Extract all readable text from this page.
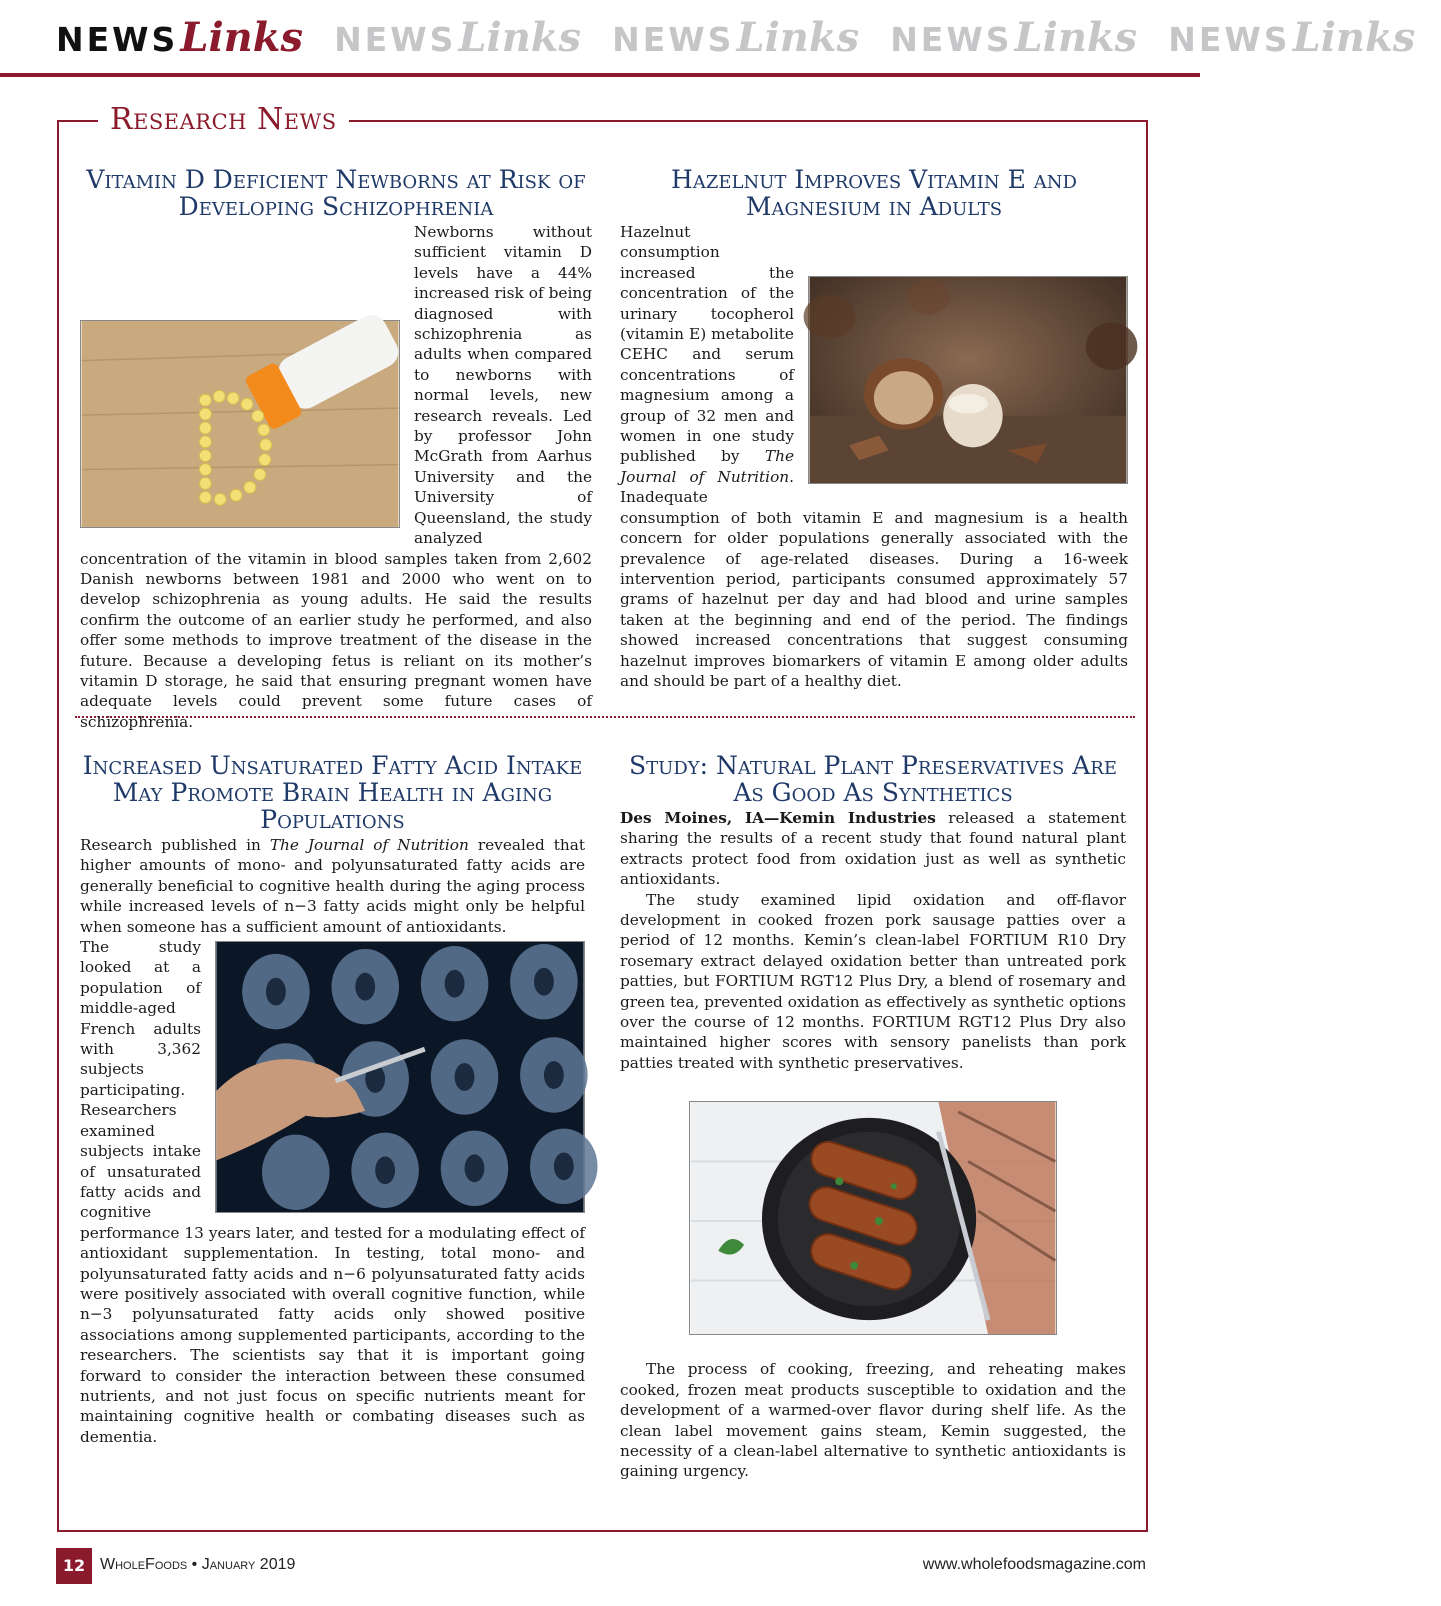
NEWSLinks NEWSLinks NEWSLinks NEWSLinks NEWSLinks
Research News
Vitamin D Deficient Newborns at Risk of Developing Schizophrenia

Newborns without sufficient vitamin D levels have a 44% increased risk of being diagnosed with schizophrenia as adults when compared to newborns with normal levels, new research reveals. Led by professor John McGrath from Aarhus University and the University of Queensland, the study analyzed concentration of the vitamin in blood samples taken from 2,602 Danish newborns between 1981 and 2000 who went on to develop schizophrenia as young adults. He said the results confirm the outcome of an earlier study he performed, and also offer some methods to improve treatment of the disease in the future. Because a developing fetus is reliant on its mother’s vitamin D storage, he said that ensuring pregnant women have adequate levels could prevent some future cases of schizophrenia.

Hazelnut Improves Vitamin E and Magnesium in Adults

Hazelnut consumption increased the concentration of the urinary tocopherol (vitamin E) metabolite CEHC and serum concentrations of magnesium among a group of 32 men and women in one study published by The Journal of Nutrition. Inadequate consumption of both vitamin E and magnesium is a health concern for older populations generally associated with the prevalence of age-related diseases. During a 16-week intervention period, participants consumed approximately 57 grams of hazelnut per day and had blood and urine samples taken at the beginning and end of the period. The findings showed increased concentrations that suggest consuming hazelnut improves biomarkers of vitamin E among older adults and should be part of a healthy diet.

Increased Unsaturated Fatty Acid Intake May Promote Brain Health in Aging Populations

Research published in The Journal of Nutrition revealed that higher amounts of mono- and polyunsaturated fatty acids are generally beneficial to cognitive health during the aging process while increased levels of n−3 fatty acids might only be helpful when someone has a sufficient amount of antioxidants.

The study looked at a population of middle-aged French adults with 3,362 subjects participating. Researchers examined subjects intake of unsaturated fatty acids and cognitive performance 13 years later, and tested for a modulating effect of antioxidant supplementation. In testing, total mono- and polyunsaturated fatty acids and n−6 polyunsaturated fatty acids were positively associated with overall cognitive function, while n−3 polyunsaturated fatty acids only showed positive associations among supplemented participants, according to the researchers. The scientists say that it is important going forward to consider the interaction between these consumed nutrients, and not just focus on specific nutrients meant for maintaining cognitive health or combating diseases such as dementia.

Study: Natural Plant Preservatives Are As Good As Synthetics

Des Moines, IA—Kemin Industries released a statement sharing the results of a recent study that found natural plant extracts protect food from oxidation just as well as synthetic antioxidants.

The study examined lipid oxidation and off-flavor development in cooked frozen pork sausage patties over a period of 12 months. Kemin’s clean-label FORTIUM R10 Dry rosemary extract delayed oxidation better than untreated pork patties, but FORTIUM RGT12 Plus Dry, a blend of rosemary and green tea, prevented oxidation as effectively as synthetic options over the course of 12 months. FORTIUM RGT12 Plus Dry also maintained higher scores with sensory panelists than pork patties treated with synthetic preservatives.

The process of cooking, freezing, and reheating makes cooked, frozen meat products susceptible to oxidation and the development of a warmed-over flavor during shelf life. As the clean label movement gains steam, Kemin suggested, the necessity of a clean-label alternative to synthetic antioxidants is gaining urgency.

12 WholeFoods • January 2019	www.wholefoodsmagazine.com
